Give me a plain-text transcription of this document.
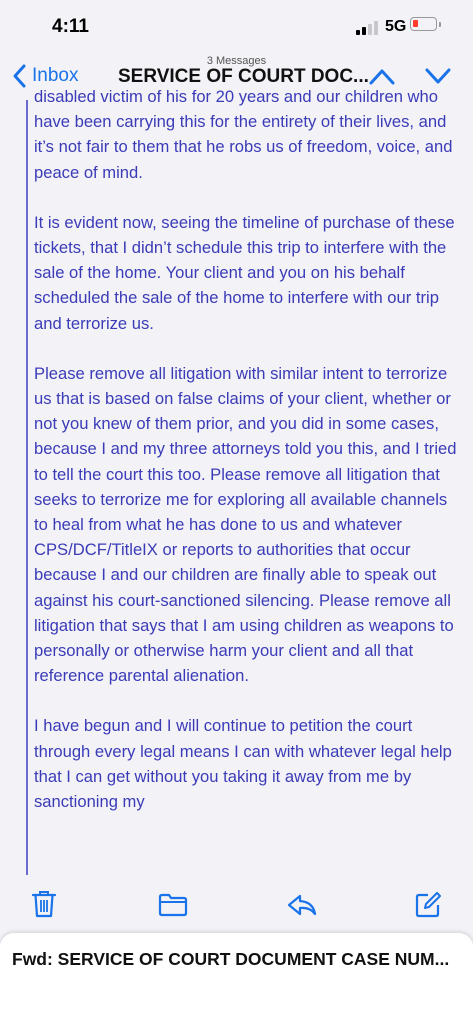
4:11	5G
3 Messages
Inbox SERVICE OF COURT DOC...

disabled victim of his for 20 years and our children who have been carrying this for the entirety of their lives, and it’s not fair to them that he robs us of freedom, voice, and peace of mind.

It is evident now, seeing the timeline of purchase of these tickets, that I didn’t schedule this trip to interfere with the sale of the home. Your client and you on his behalf scheduled the sale of the home to interfere with our trip and terrorize us.

Please remove all litigation with similar intent to terrorize us that is based on false claims of your client, whether or not you knew of them prior, and you did in some cases, because I and my three attorneys told you this, and I tried to tell the court this too. Please remove all litigation that seeks to terrorize me for exploring all available channels to heal from what he has done to us and whatever CPS/DCF/TitleIX or reports to authorities that occur because I and our children are finally able to speak out against his court-sanctioned silencing. Please remove all litigation that says that I am using children as weapons to personally or otherwise harm your client and all that reference parental alienation.

I have begun and I will continue to petition the court through every legal means I can with whatever legal help that I can get without you taking it away from me by sanctioning my

Fwd: SERVICE OF COURT DOCUMENT CASE NUM...
